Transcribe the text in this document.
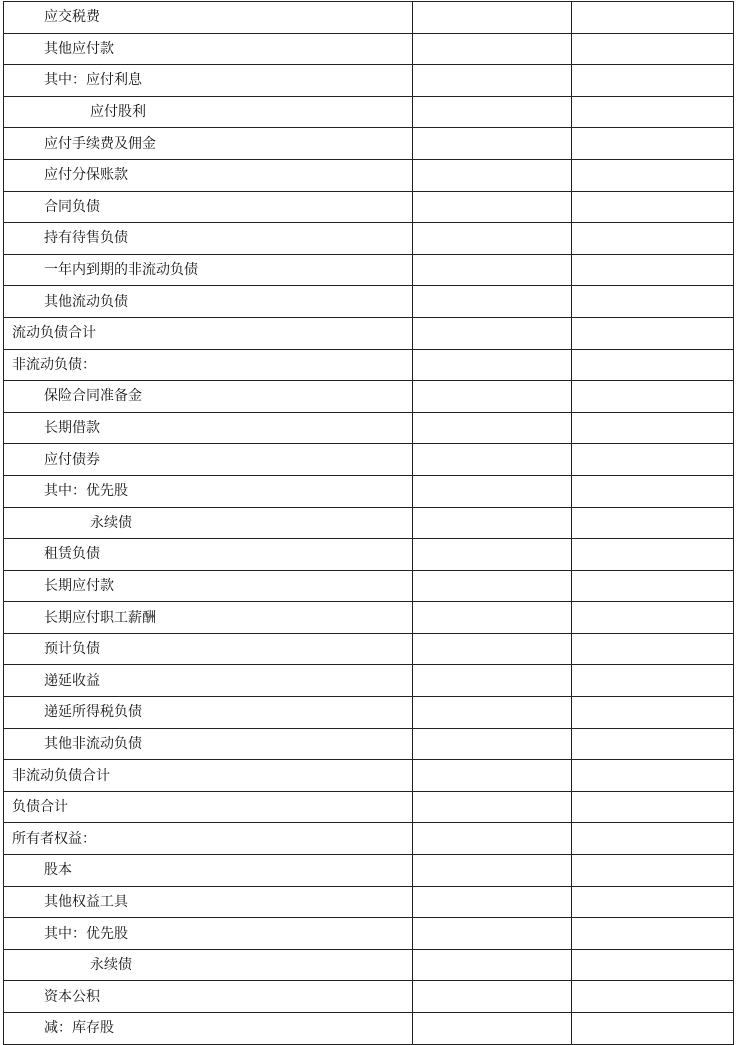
应交税费		
其他应付款		
其中：应付利息		
应付股利		
应付手续费及佣金		
应付分保账款		
合同负债		
持有待售负债		
一年内到期的非流动负债		
其他流动负债		
流动负债合计		
非流动负债：		
保险合同准备金		
长期借款		
应付债券		
其中：优先股		
永续债		
租赁负债		
长期应付款		
长期应付职工薪酬		
预计负债		
递延收益		
递延所得税负债		
其他非流动负债		
非流动负债合计		
负债合计		
所有者权益：		
股本		
其他权益工具		
其中：优先股		
永续债		
资本公积		
减：库存股		
